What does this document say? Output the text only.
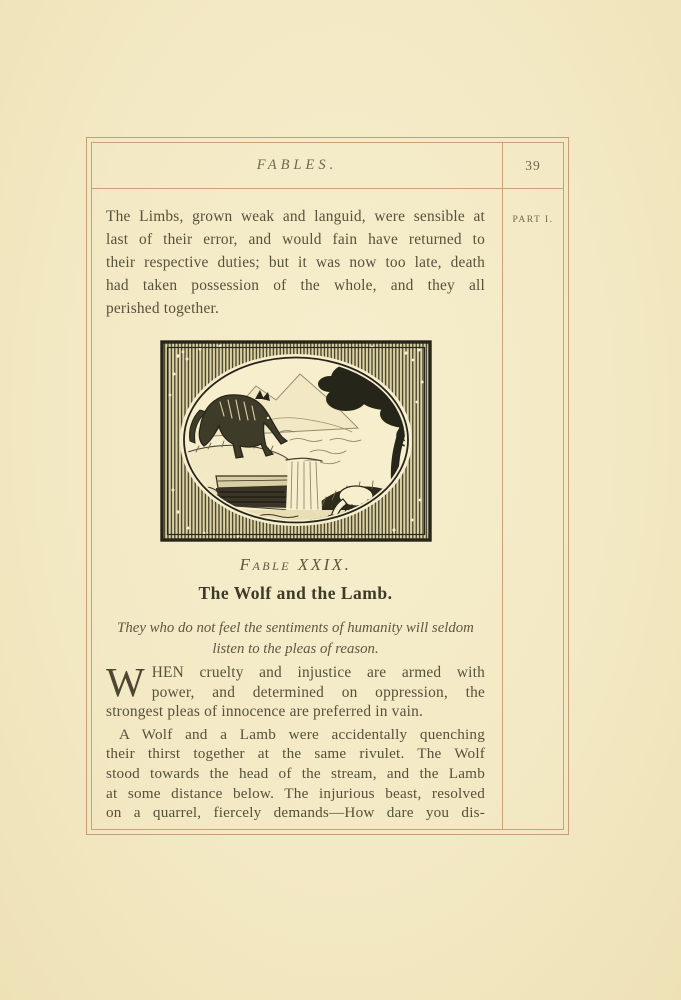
FABLES.	39
The Limbs, grown weak and languid, were sensible at
last of their error, and would fain have returned to
their respective duties; but it was now too late, death
had taken possession of the whole, and they all
perished together.
Fable XXIX.
The Wolf and the Lamb.
They who do not feel the sentiments of humanity will seldom
listen to the pleas of reason.
W HEN cruelty and injustice are armed with
power, and determined on oppression, the
strongest pleas of innocence are preferred in vain.
A Wolf and a Lamb were accidentally quenching
their thirst together at the same rivulet. The Wolf
stood towards the head of the stream, and the Lamb
at some distance below. The injurious beast, resolved
on a quarrel, fiercely demands—How dare you dis-
PART I.
